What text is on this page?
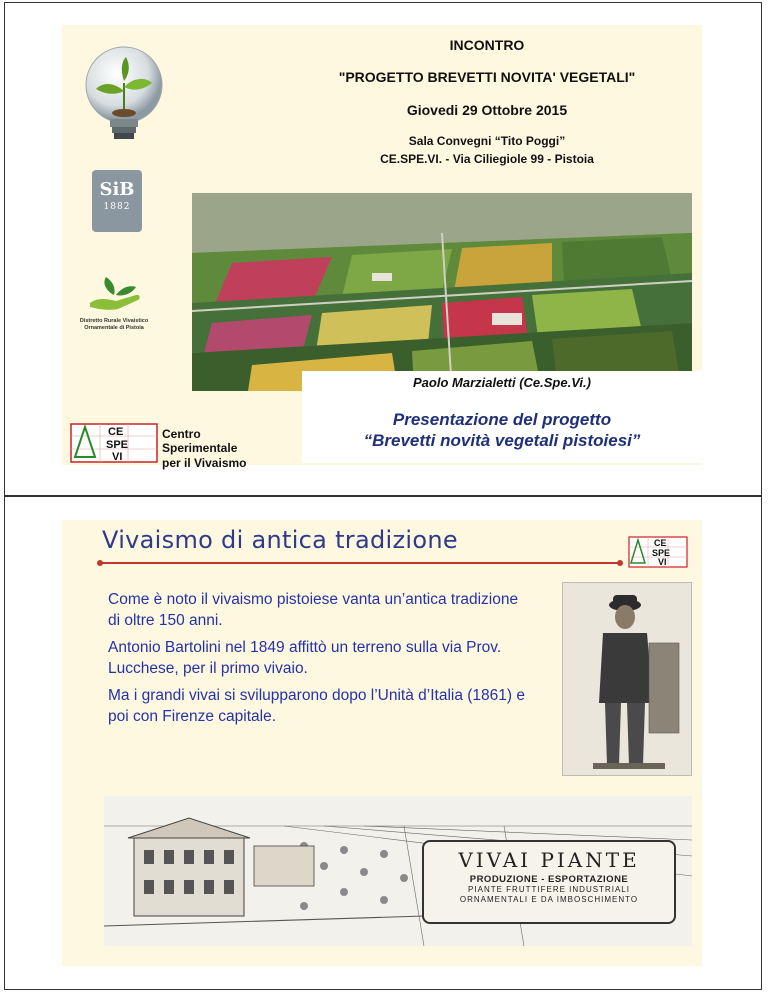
INCONTRO

"PROGETTO BREVETTI NOVITA' VEGETALI"

Giovedi 29 Ottobre 2015

Sala Convegni “Tito Poggi”

CE.SPE.VI. - Via Ciliegiole 99 - Pistoia

SiB
1882
Distretto Rurale Vivaistico
Ornamentale di Pistoia
CE
SPE
VI
Centro
Sperimentale
per il Vivaismo
Paolo Marzialetti (Ce.Spe.Vi.)
Presentazione del progetto
“Brevetti novità vegetali pistoiesi”
Vivaismo di antica tradizione	CE
SPE
VI

Come è noto il vivaismo pistoiese vanta un’antica tradizione di oltre 150 anni.

Antonio Bartolini nel 1849 affittò un terreno sulla via Prov. Lucchese, per il primo vivaio.

Ma i grandi vivai si svilupparono dopo l’Unità d’Italia (1861) e poi con Firenze capitale.

VIVAI PIANTE
PRODUZIONE - ESPORTAZIONE
PIANTE FRUTTIFERE INDUSTRIALI
ORNAMENTALI E DA IMBOSCHIMENTO
